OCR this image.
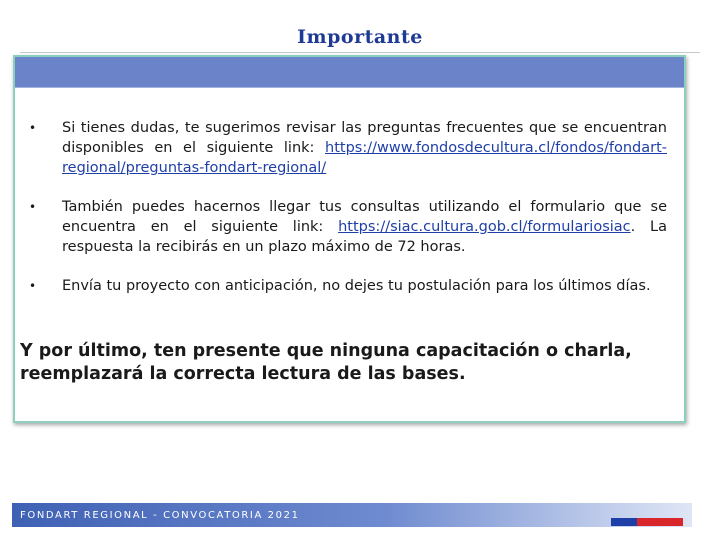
Importante
• Si tienes dudas, te sugerimos revisar las preguntas frecuentes que se encuentran disponibles en el siguiente link: https://www.fondosdecultura.cl/fondos/fondart-regional/preguntas-fondart-regional/
• También puedes hacernos llegar tus consultas utilizando el formulario que se encuentra en el siguiente link: https://siac.cultura.gob.cl/formulariosiac. La respuesta la recibirás en un plazo máximo de 72 horas.
• Envía tu proyecto con anticipación, no dejes tu postulación para los últimos días.
Y por último, ten presente que ninguna capacitación o charla, reemplazará la correcta lectura de las bases.
FONDART REGIONAL - CONVOCATORIA 2021
